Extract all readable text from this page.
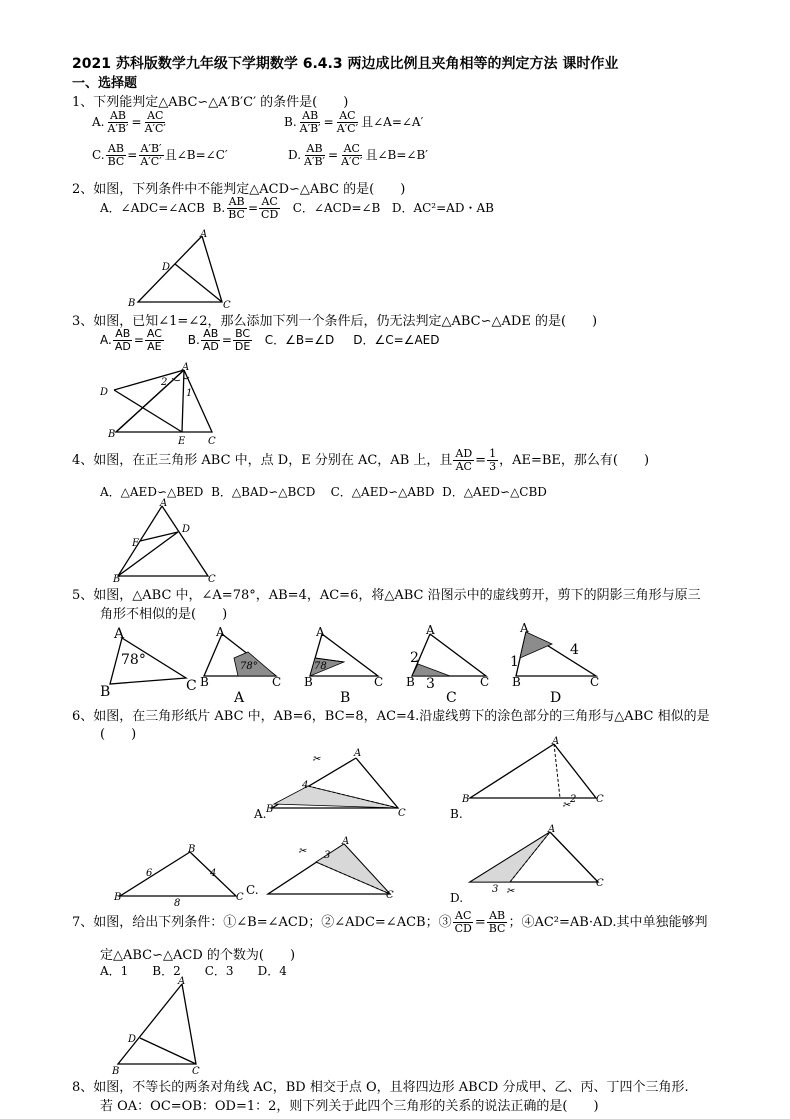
2021 苏科版数学九年级下学期数学 6.4.3 两边成比例且夹角相等的判定方法 课时作业
一、选择题
1、下列能判定△ABC∽△A′B′C′ 的条件是(　　)
A. $\frac{AB}{A'B'} = \frac{AC}{A'C'}$	B. $\frac{AB}{A'B'} = \frac{AC}{A'C'}$ 且∠A=∠A′
C. $\frac{AB}{BC} = \frac{A'B'}{A'C'}$ 且∠B=∠C′	D. $\frac{AB}{A'B'} = \frac{AC}{A'C'}$ 且∠B=∠B′
2、如图，下列条件中不能判定△ACD∽△ABC 的是(　　)
A．∠ADC=∠ACB B. $\frac{AB}{BC} = \frac{AC}{CD}$ C．∠ACD=∠B D．AC²=AD・AB
A
B	C
D
3、如图，已知∠1=∠2，那么添加下列一个条件后，仍无法判定△ABC∽△ADE 的是(　　)
A. $\frac{AB}{AD} = \frac{AC}{AE} B$. $\frac{AB}{AD} = \frac{BC}{DE}$ C．∠B=∠D D．∠C=∠AED
A
D
B
E C
2
1
4、如图，在正三角形 ABC 中，点 D，E 分别在 AC，AB 上，且 $\frac{AD}{AC} = \frac{1}{3}$ ，AE=BE，那么有(　　)
A．△AED∽△BED B．△BAD∽△BCD C．△AED∽△ABD D．△AED∽△CBD
A
B	C
D
E
5、如图，△ABC 中，∠A=78°，AB=4，AC=6，将△ABC 沿图示中的虚线剪开，剪下的阴影三角形与原三
角形不相似的是(　　)
A
B	C
78°
A
B	C
78°
A
A
B	C
78
B
A
B	C
2
3
C
A
B	C
1
4
D
6、如图，在三角形纸片 ABC 中，AB=6，BC=8，AC=4.沿虚线剪下的涂色部分的三角形与△ABC 相似的是
(　　)
✂
A
B	C
4
A.
✂
A
B	C
2
B.
B
B	C
6	4
8
✂
A
C
3
C.	✂
A
C
3
D.
7、如图，给出下列条件：①∠B=∠ACD；②∠ADC=∠ACB；③ $\frac{AC}{CD} = \frac{AB}{BC}$ ；④AC²=AB·AD.其中单独能够判
定△ABC∽△ACD 的个数为(　　)
A．1　　B．2　　C．3　　D．4
A
B	C
D
8、如图，不等长的两条对角线 AC，BD 相交于点 O，且将四边形 ABCD 分成甲、乙、丙、丁四个三角形.
若 OA：OC=OB：OD=1：2，则下列关于此四个三角形的关系的说法正确的是(　　)
